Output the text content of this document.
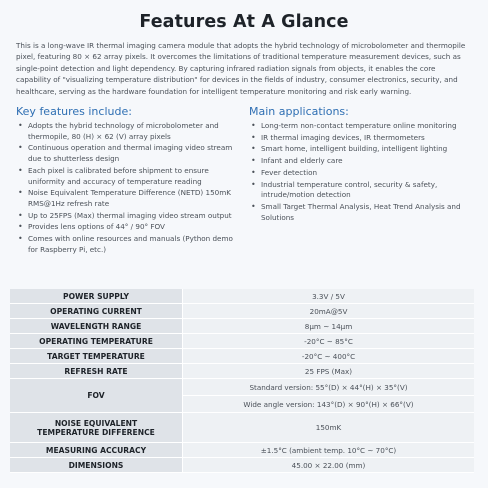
Features At A Glance

This is a long-wave IR thermal imaging camera module that adopts the hybrid technology of microbolometer and thermopile pixel, featuring 80 × 62 array pixels. It overcomes the limitations of traditional temperature measurement devices, such as single-point detection and light dependency. By capturing infrared radiation signals from objects, it enables the core capability of "visualizing temperature distribution" for devices in the fields of industry, consumer electronics, security, and healthcare, serving as the hardware foundation for intelligent temperature monitoring and risk early warning.

Key features include:
• Adopts the hybrid technology of microbolometer and thermopile, 80 (H) × 62 (V) array pixels
• Continuous operation and thermal imaging video stream due to shutterless design
• Each pixel is calibrated before shipment to ensure uniformity and accuracy of temperature reading
• Noise Equivalent Temperature Difference (NETD) 150mK RMS@1Hz refresh rate
• Up to 25FPS (Max) thermal imaging video stream output
• Provides lens options of 44° / 90° FOV
• Comes with online resources and manuals (Python demo for Raspberry Pi, etc.)
Main applications:
• Long-term non-contact temperature online monitoring
• IR thermal imaging devices, IR thermometers
• Smart home, intelligent building, intelligent lighting
• Infant and elderly care
• Fever detection
• Industrial temperature control, security & safety, intrude/motion detection
• Small Target Thermal Analysis, Heat Trend Analysis and Solutions
POWER SUPPLY	3.3V / 5V
OPERATING CURRENT	20mA@5V
WAVELENGTH RANGE	8μm ~ 14μm
OPERATING TEMPERATURE	-20°C ~ 85°C
TARGET TEMPERATURE	-20°C ~ 400°C
REFRESH RATE	25 FPS (Max)
FOV	Standard version: 55°(D) × 44°(H) × 35°(V)
	Wide angle version: 143°(D) × 90°(H) × 66°(V)

NOISE EQUIVALENT
TEMPERATURE DIFFERENCE	150mK
MEASURING ACCURACY	±1.5°C (ambient temp. 10°C ~ 70°C)
DIMENSIONS	45.00 × 22.00 (mm)
